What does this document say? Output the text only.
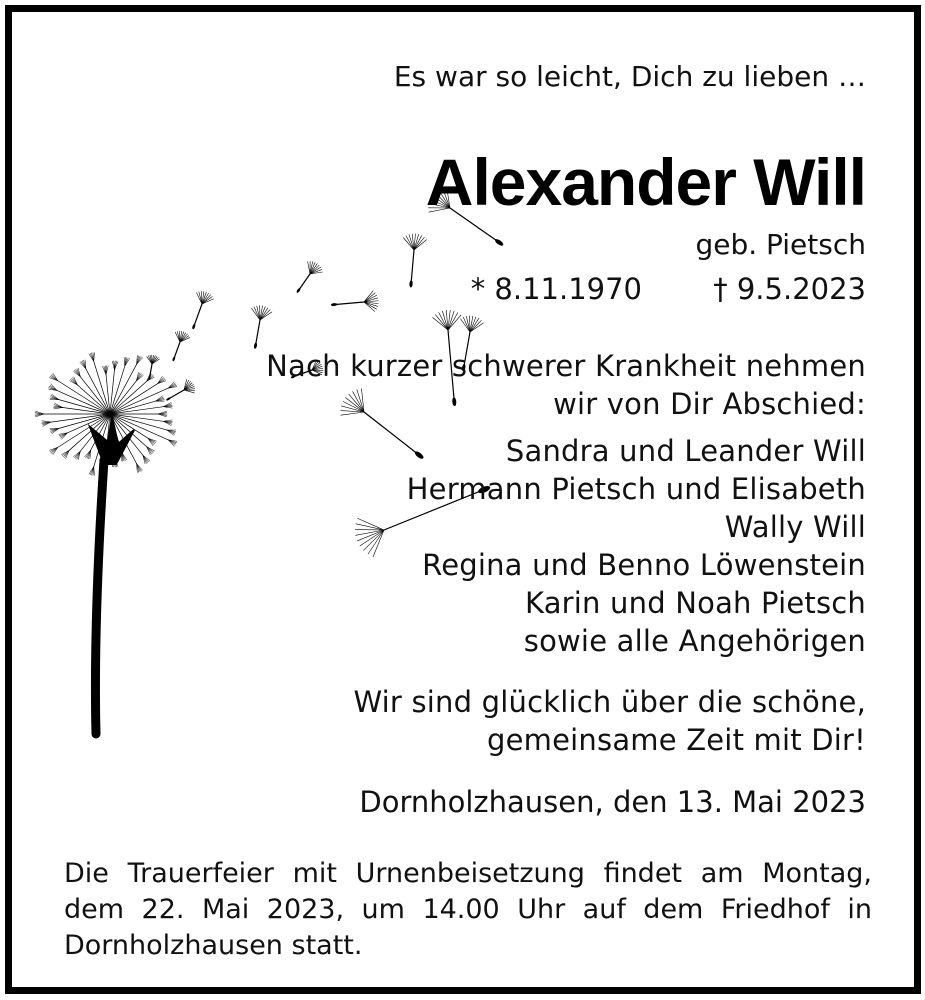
Es war so leicht, Dich zu lieben …
Alexander Will
geb. Pietsch
* 8.11.1970 † 9.5.2023
Nach kurzer schwerer Krankheit nehmen
wir von Dir Abschied:
Sandra und Leander Will
Hermann Pietsch und Elisabeth
Wally Will
Regina und Benno Löwenstein
Karin und Noah Pietsch
sowie alle Angehörigen
Wir sind glücklich über die schöne,
gemeinsame Zeit mit Dir!
Dornholzhausen, den 13. Mai 2023
Die Trauerfeier mit Urnenbeisetzung findet am Montag, dem 22. Mai 2023, um 14.00 Uhr auf dem Friedhof in Dornholzhausen statt.
